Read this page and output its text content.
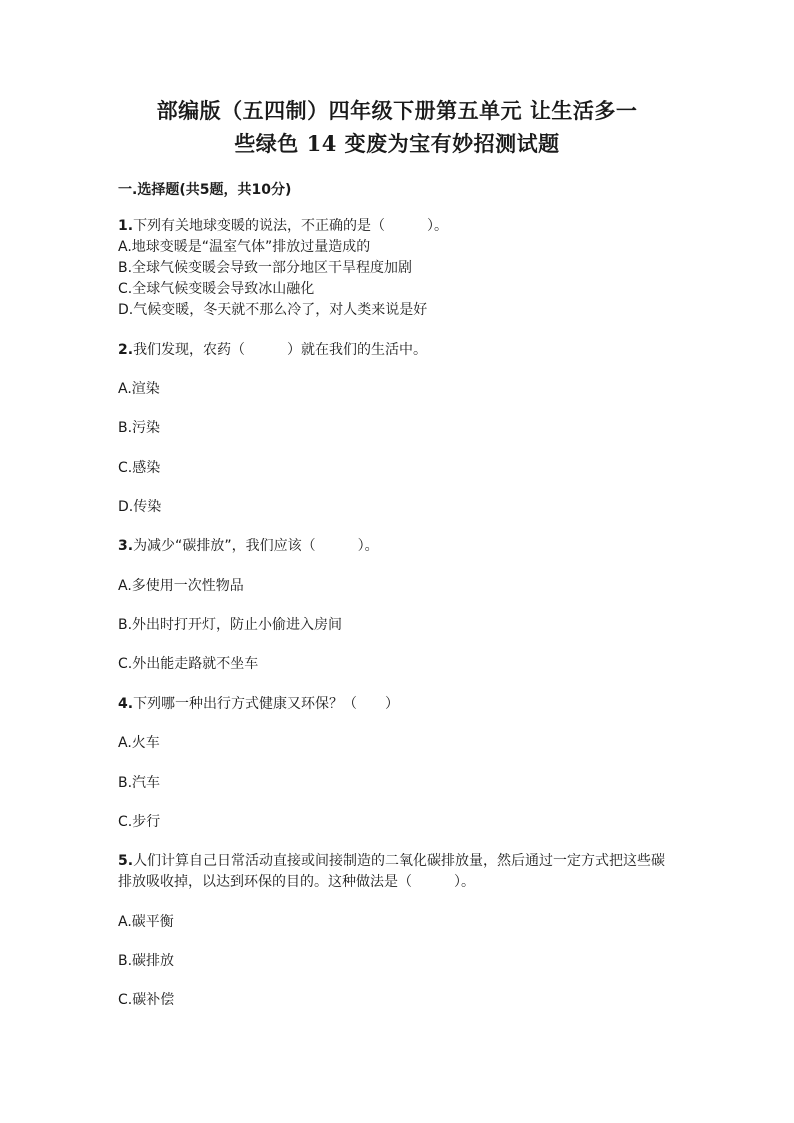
部编版（五四制）四年级下册第五单元 让生活多一
些绿色 14 变废为宝有妙招测试题
一.选择题(共5题，共10分)
1.下列有关地球变暖的说法，不正确的是（　　　）。
A.地球变暖是“温室气体”排放过量造成的
B.全球气候变暖会导致一部分地区干旱程度加剧
C.全球气候变暖会导致冰山融化
D.气候变暖，冬天就不那么冷了，对人类来说是好
2.我们发现，农药（　　　）就在我们的生活中。
A.渲染
B.污染
C.感染
D.传染
3.为减少“碳排放”，我们应该（　　　）。
A.多使用一次性物品
B.外出时打开灯，防止小偷进入房间
C.外出能走路就不坐车
4.下列哪一种出行方式健康又环保？（　　）
A.火车
B.汽车
C.步行
5.人们计算自己日常活动直接或间接制造的二氧化碳排放量，然后通过一定方式把这些碳排放吸收掉，以达到环保的目的。这种做法是（　　　）。
A.碳平衡
B.碳排放
C.碳补偿
